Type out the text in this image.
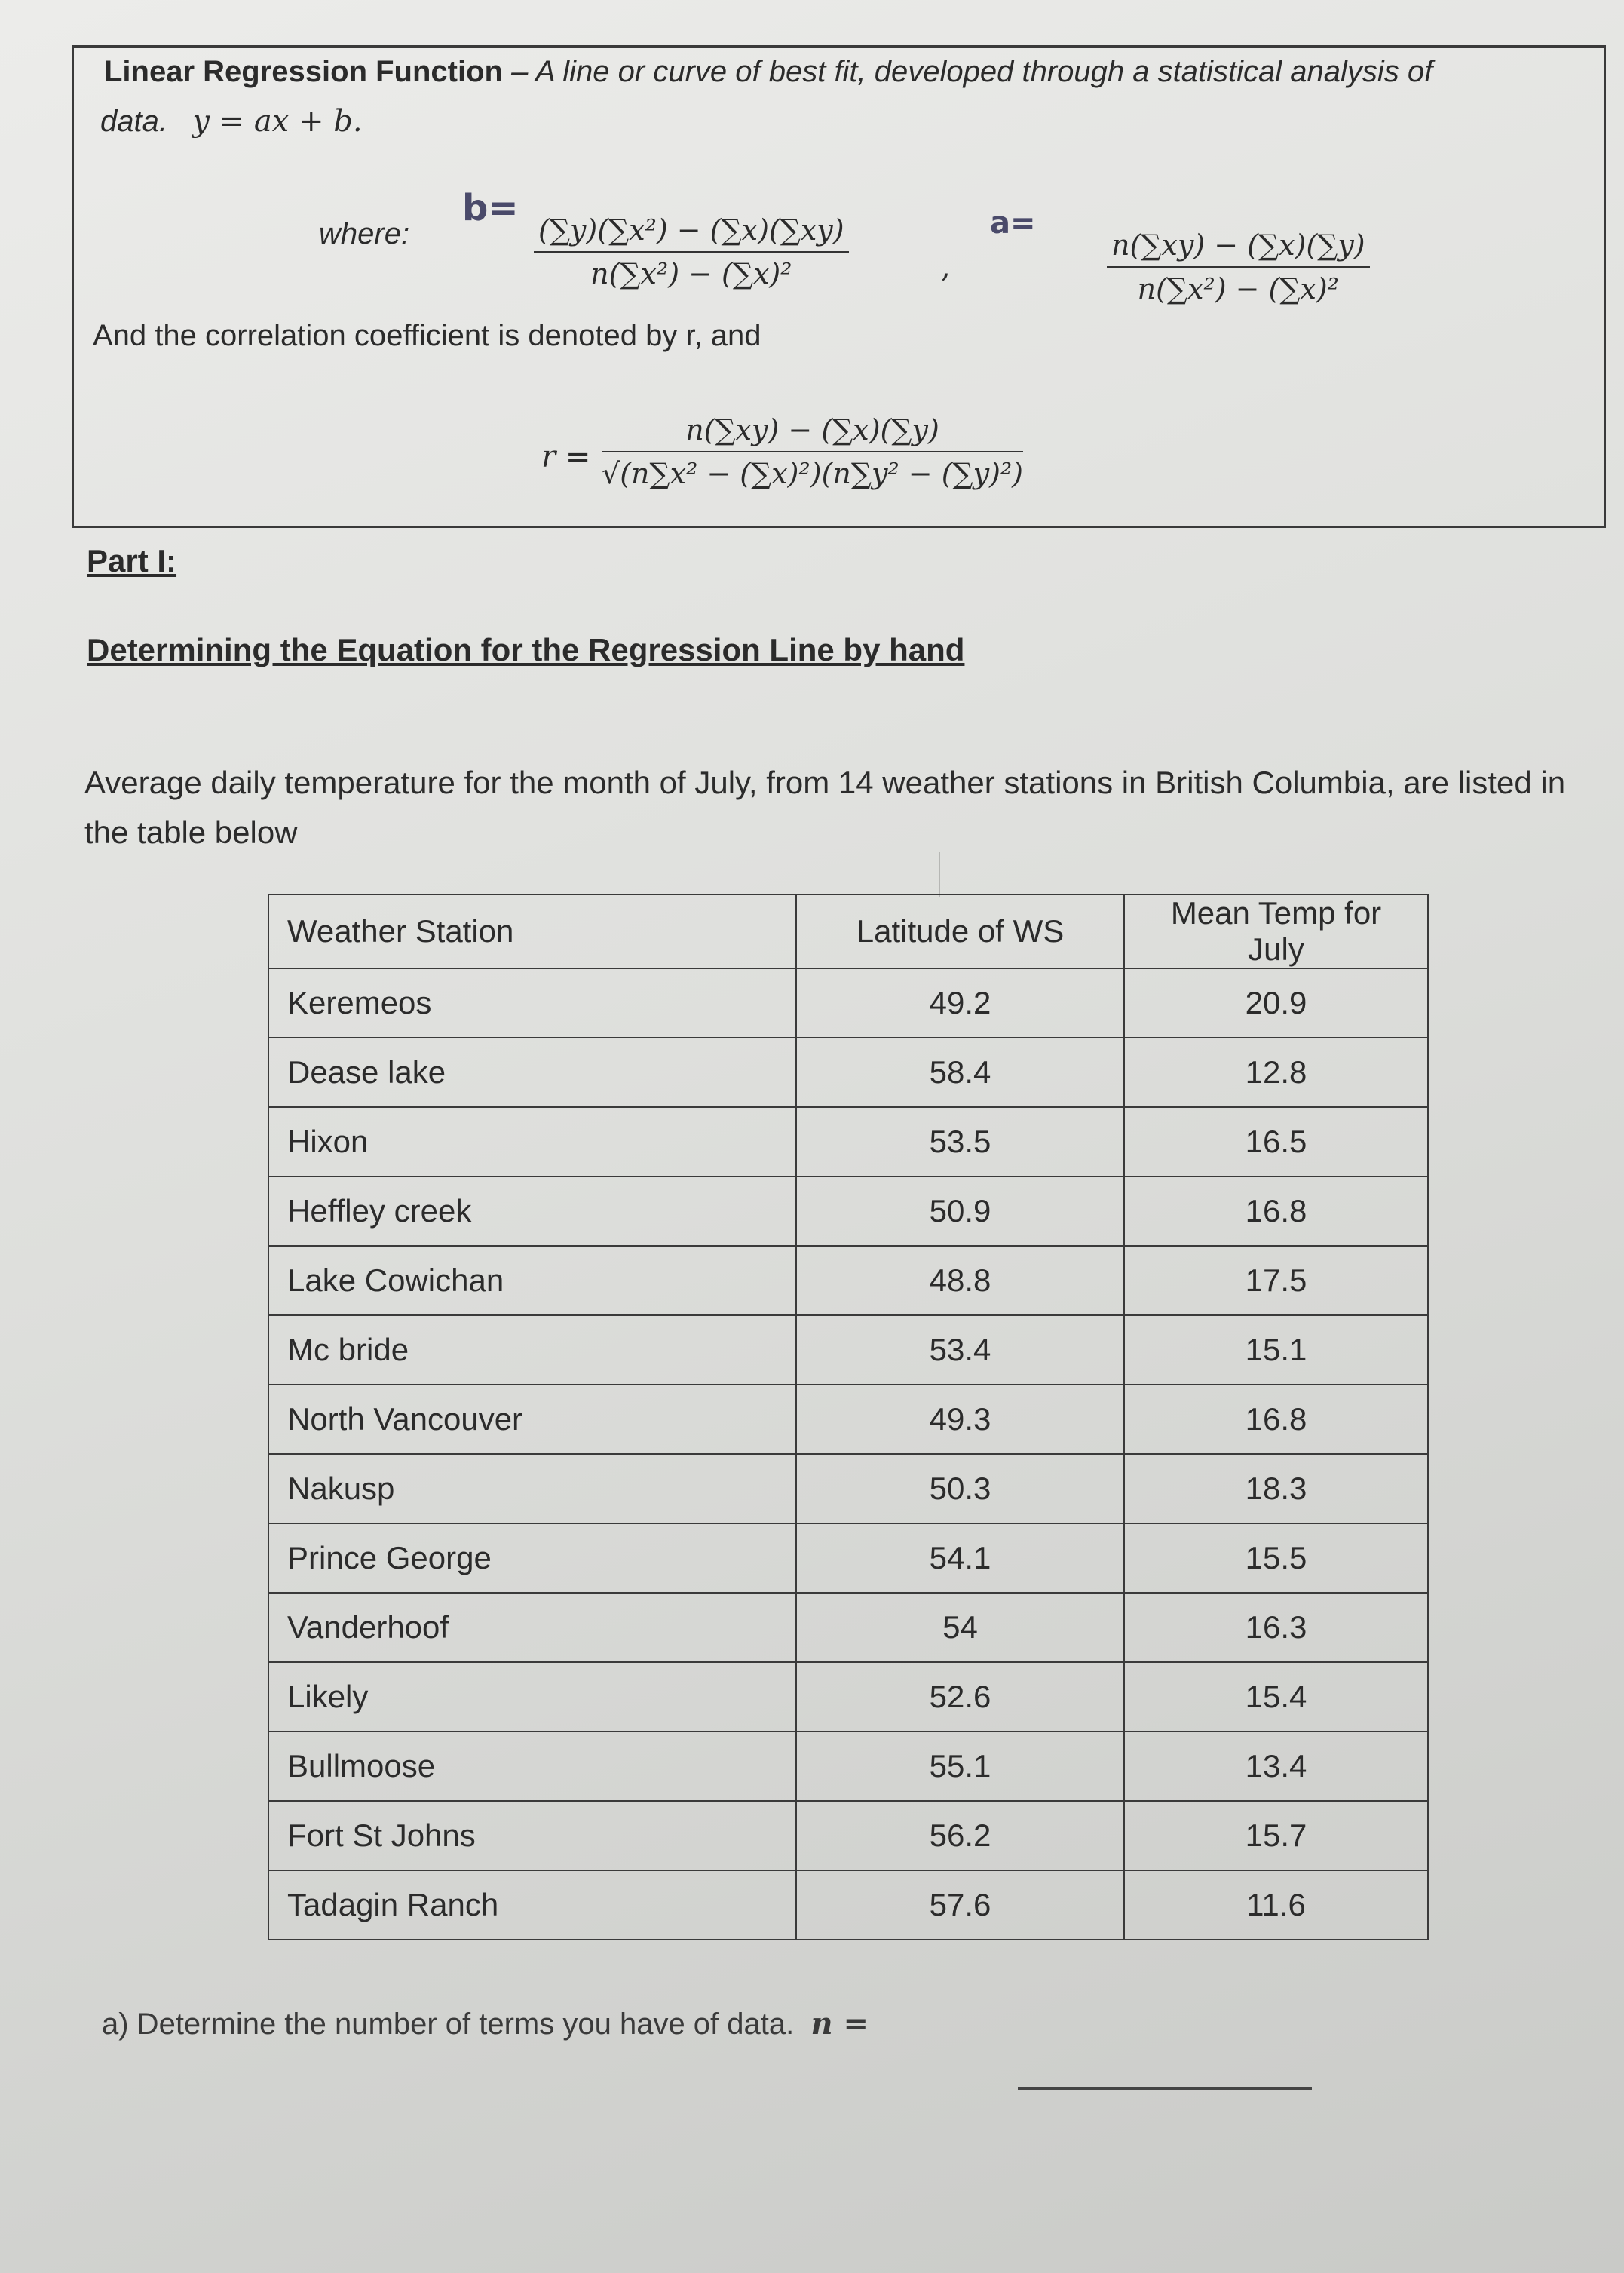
Linear Regression Function – A line or curve of best fit, developed through a statistical analysis of
data. y = ax + b.
where:
b=
$\frac{\text{(∑y)(∑x²) − (∑x)(∑xy)}}{\text{n(∑x²) − (∑x)²}}$	,
a=
$\frac{n(\sum xy) - (\sum x)(\sum y)}{\text{n(∑x²) − (∑x)²}}$
And the correlation coefficient is denoted by r, and
$r = \frac{n(\sum xy) - (\sum x)(\sum y)}{\text{√(n∑x² − (∑x)²)(n∑y² − (∑y)²)}}$
Part I:
Determining the Equation for the Regression Line by hand
Average daily temperature for the month of July, from 14 weather stations in British Columbia, are listed in the table below
Weather Station	Latitude of WS	Mean Temp for July
Keremeos	49.2	20.9
Dease lake	58.4	12.8
Hixon	53.5	16.5
Heffley creek	50.9	16.8
Lake Cowichan	48.8	17.5
Mc bride	53.4	15.1
North Vancouver	49.3	16.8
Nakusp	50.3	18.3
Prince George	54.1	15.5
Vanderhoof	54	16.3
Likely	52.6	15.4
Bullmoose	55.1	13.4
Fort St Johns	56.2	15.7
Tadagin Ranch	57.6	11.6
a) Determine the number of terms you have of data. n =
